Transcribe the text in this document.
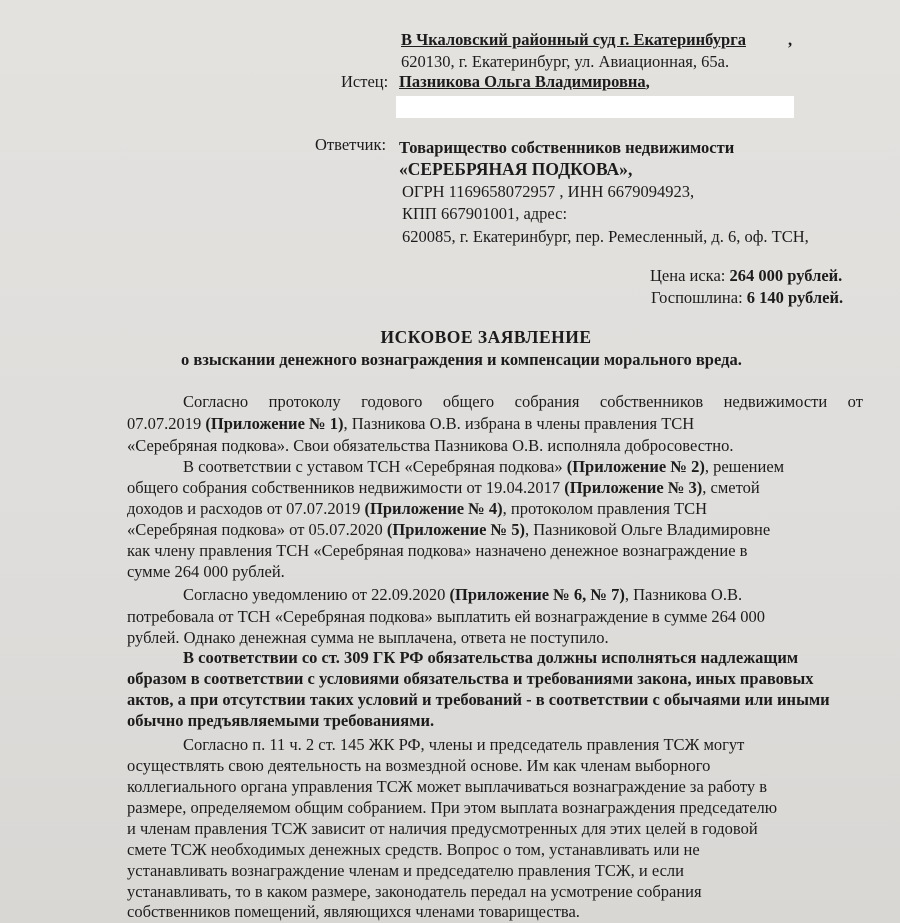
В Чкаловский районный суд г. Екатеринбурга	,
620130, г. Екатеринбург, ул. Авиационная, 65а.
Истец: Пазникова Ольга Владимировна,
Ответчик: Товарищество собственников недвижимости
«СЕРЕБРЯНАЯ ПОДКОВА»,
ОГРН 1169658072957 , ИНН 6679094923,
КПП 667901001, адрес:
620085, г. Екатеринбург, пер. Ремесленный, д. 6, оф. ТСН,
Цена иска: 264 000 рублей.
Госпошлина: 6 140 рублей.
ИСКОВОЕ ЗАЯВЛЕНИЕ
о взыскании денежного вознаграждения и компенсации морального вреда.
Согласно протоколу годового общего собрания собственников недвижимости от
07.07.2019 (Приложение № 1), Пазникова О.В. избрана в члены правления ТСН
«Серебряная подкова». Свои обязательства Пазникова О.В. исполняла добросовестно.
В соответствии с уставом ТСН «Серебряная подкова» (Приложение № 2), решением
общего собрания собственников недвижимости от 19.04.2017 (Приложение № 3), сметой
доходов и расходов от 07.07.2019 (Приложение № 4), протоколом правления ТСН
«Серебряная подкова» от 05.07.2020 (Приложение № 5), Пазниковой Ольге Владимировне
как члену правления ТСН «Серебряная подкова» назначено денежное вознаграждение в
сумме 264 000 рублей.
Согласно уведомлению от 22.09.2020 (Приложение № 6, № 7), Пазникова О.В.
потребовала от ТСН «Серебряная подкова» выплатить ей вознаграждение в сумме 264 000
рублей. Однако денежная сумма не выплачена, ответа не поступило.
В соответствии со ст. 309 ГК РФ обязательства должны исполняться надлежащим
образом в соответствии с условиями обязательства и требованиями закона, иных правовых
актов, а при отсутствии таких условий и требований - в соответствии с обычаями или иными
обычно предъявляемыми требованиями.
Согласно п. 11 ч. 2 ст. 145 ЖК РФ, члены и председатель правления ТСЖ могут
осуществлять свою деятельность на возмездной основе. Им как членам выборного
коллегиального органа управления ТСЖ может выплачиваться вознаграждение за работу в
размере, определяемом общим собранием. При этом выплата вознаграждения председателю
и членам правления ТСЖ зависит от наличия предусмотренных для этих целей в годовой
смете ТСЖ необходимых денежных средств. Вопрос о том, устанавливать или не
устанавливать вознаграждение членам и председателю правления ТСЖ, и если
устанавливать, то в каком размере, законодатель передал на усмотрение собрания
собственников помещений, являющихся членами товарищества.
